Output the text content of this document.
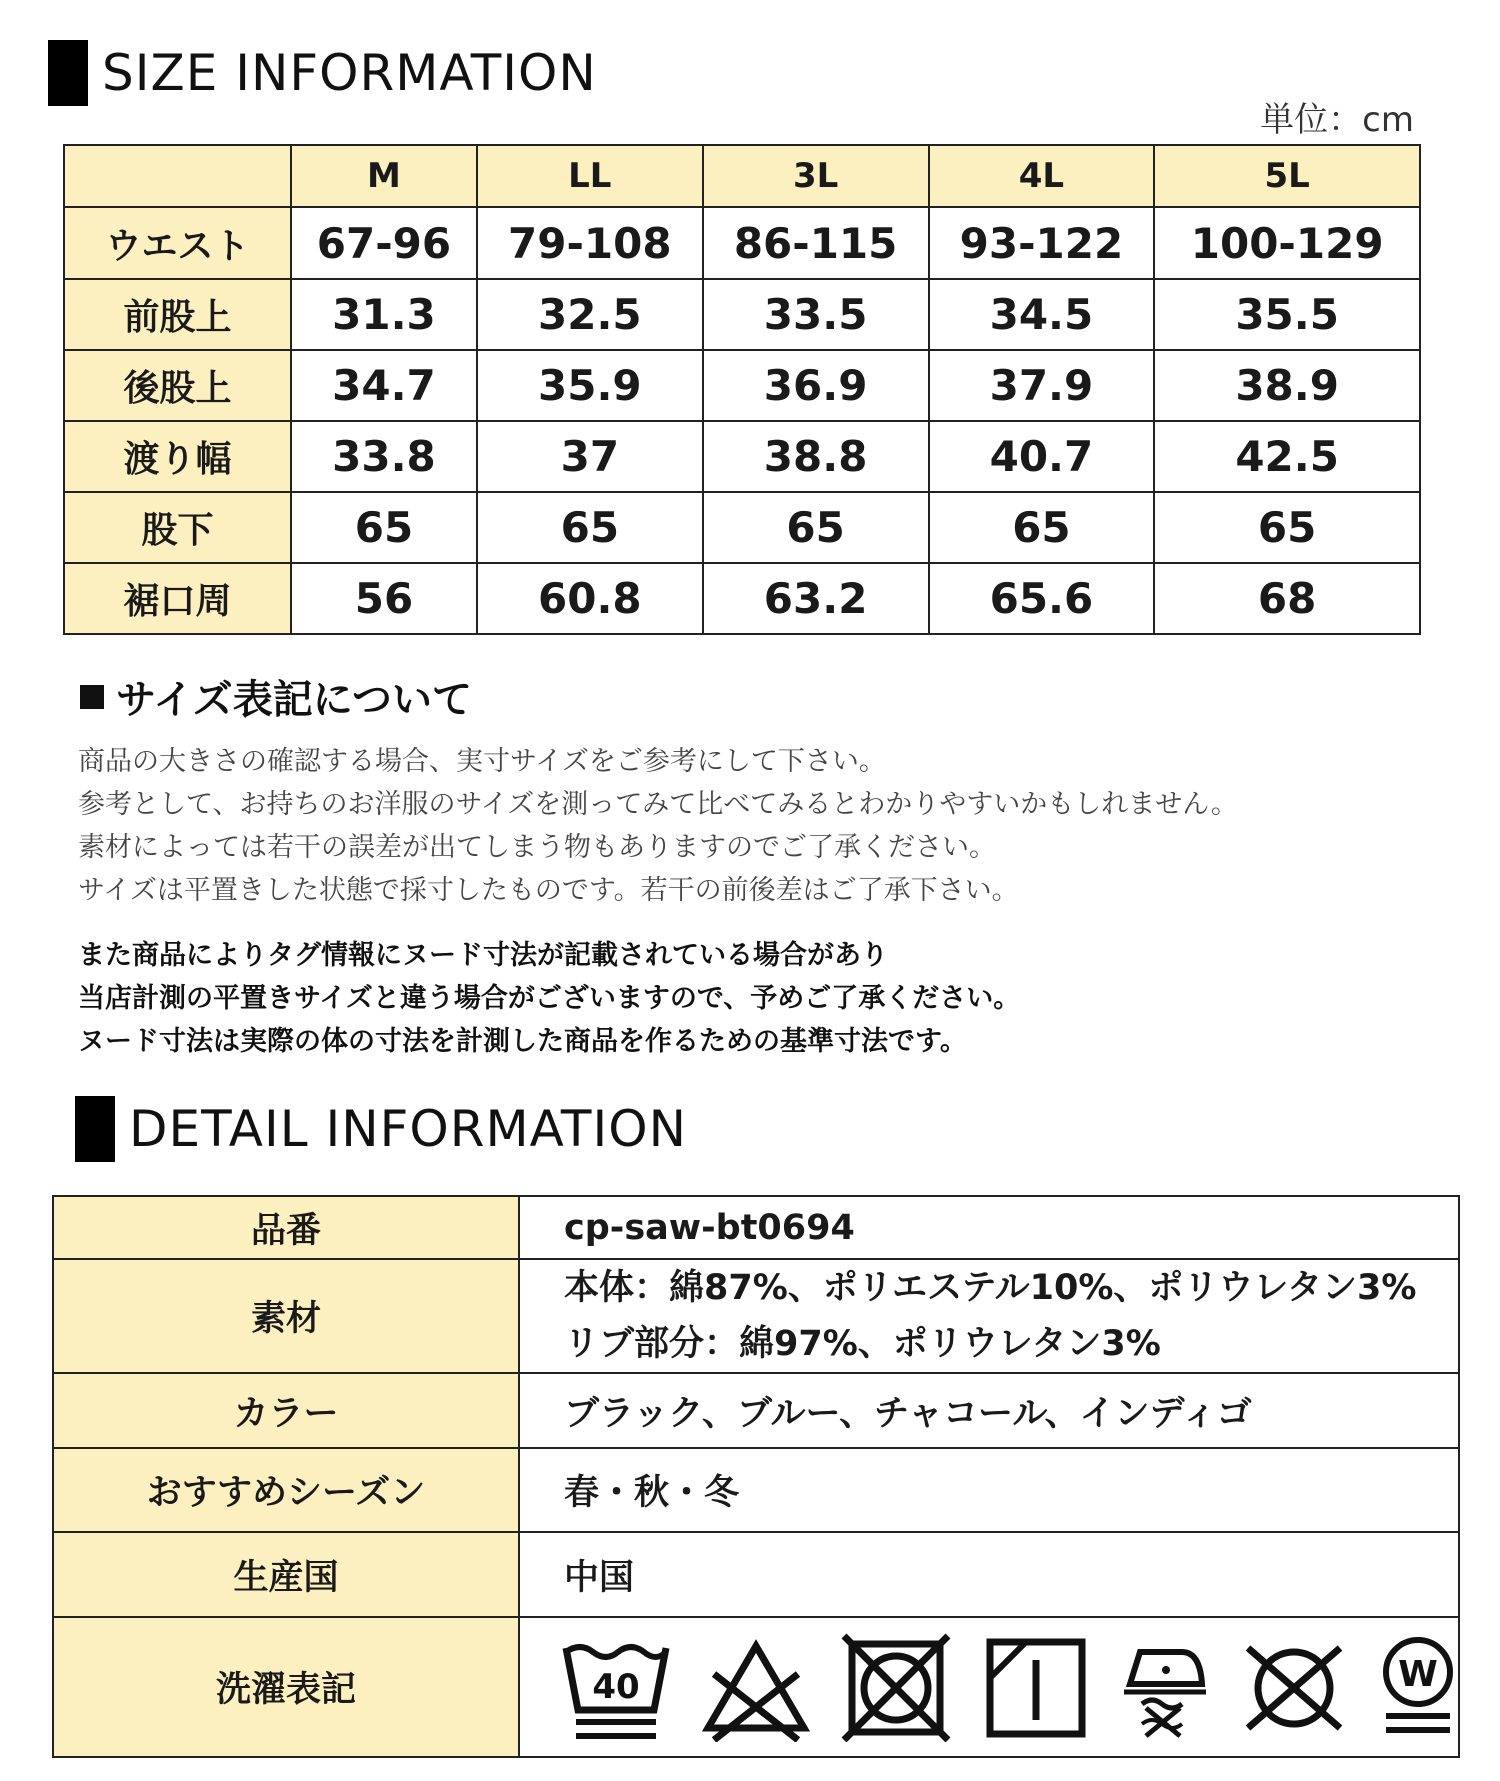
SIZE INFORMATION
単位：cm
	M	LL	3L	4L	5L
ウエスト	67-96	79-108	86-115	93-122	100-129
前股上	31.3	32.5	33.5	34.5	35.5
後股上	34.7	35.9	36.9	37.9	38.9
渡り幅	33.8	37	38.8	40.7	42.5
股下	65	65	65	65	65
裾口周	56	60.8	63.2	65.6	68
サイズ表記について
商品の大きさの確認する場合、実寸サイズをご参考にして下さい。
参考として、お持ちのお洋服のサイズを測ってみて比べてみるとわかりやすいかもしれません。
素材によっては若干の誤差が出てしまう物もありますのでご了承ください。
サイズは平置きした状態で採寸したものです。若干の前後差はご了承下さい。
また商品によりタグ情報にヌード寸法が記載されている場合があり
当店計測の平置きサイズと違う場合がございますので、予めご了承ください。
ヌード寸法は実際の体の寸法を計測した商品を作るための基準寸法です。
DETAIL INFORMATION
品番	cp-saw-bt0694
素材	本体：綿87%、ポリエステル10%、ポリウレタン3%
リブ部分：綿97%、ポリウレタン3%

カラー	ブラック、ブルー、チャコール、インディゴ
おすすめシーズン	春・秋・冬
生産国	中国
洗濯表記	40 W
